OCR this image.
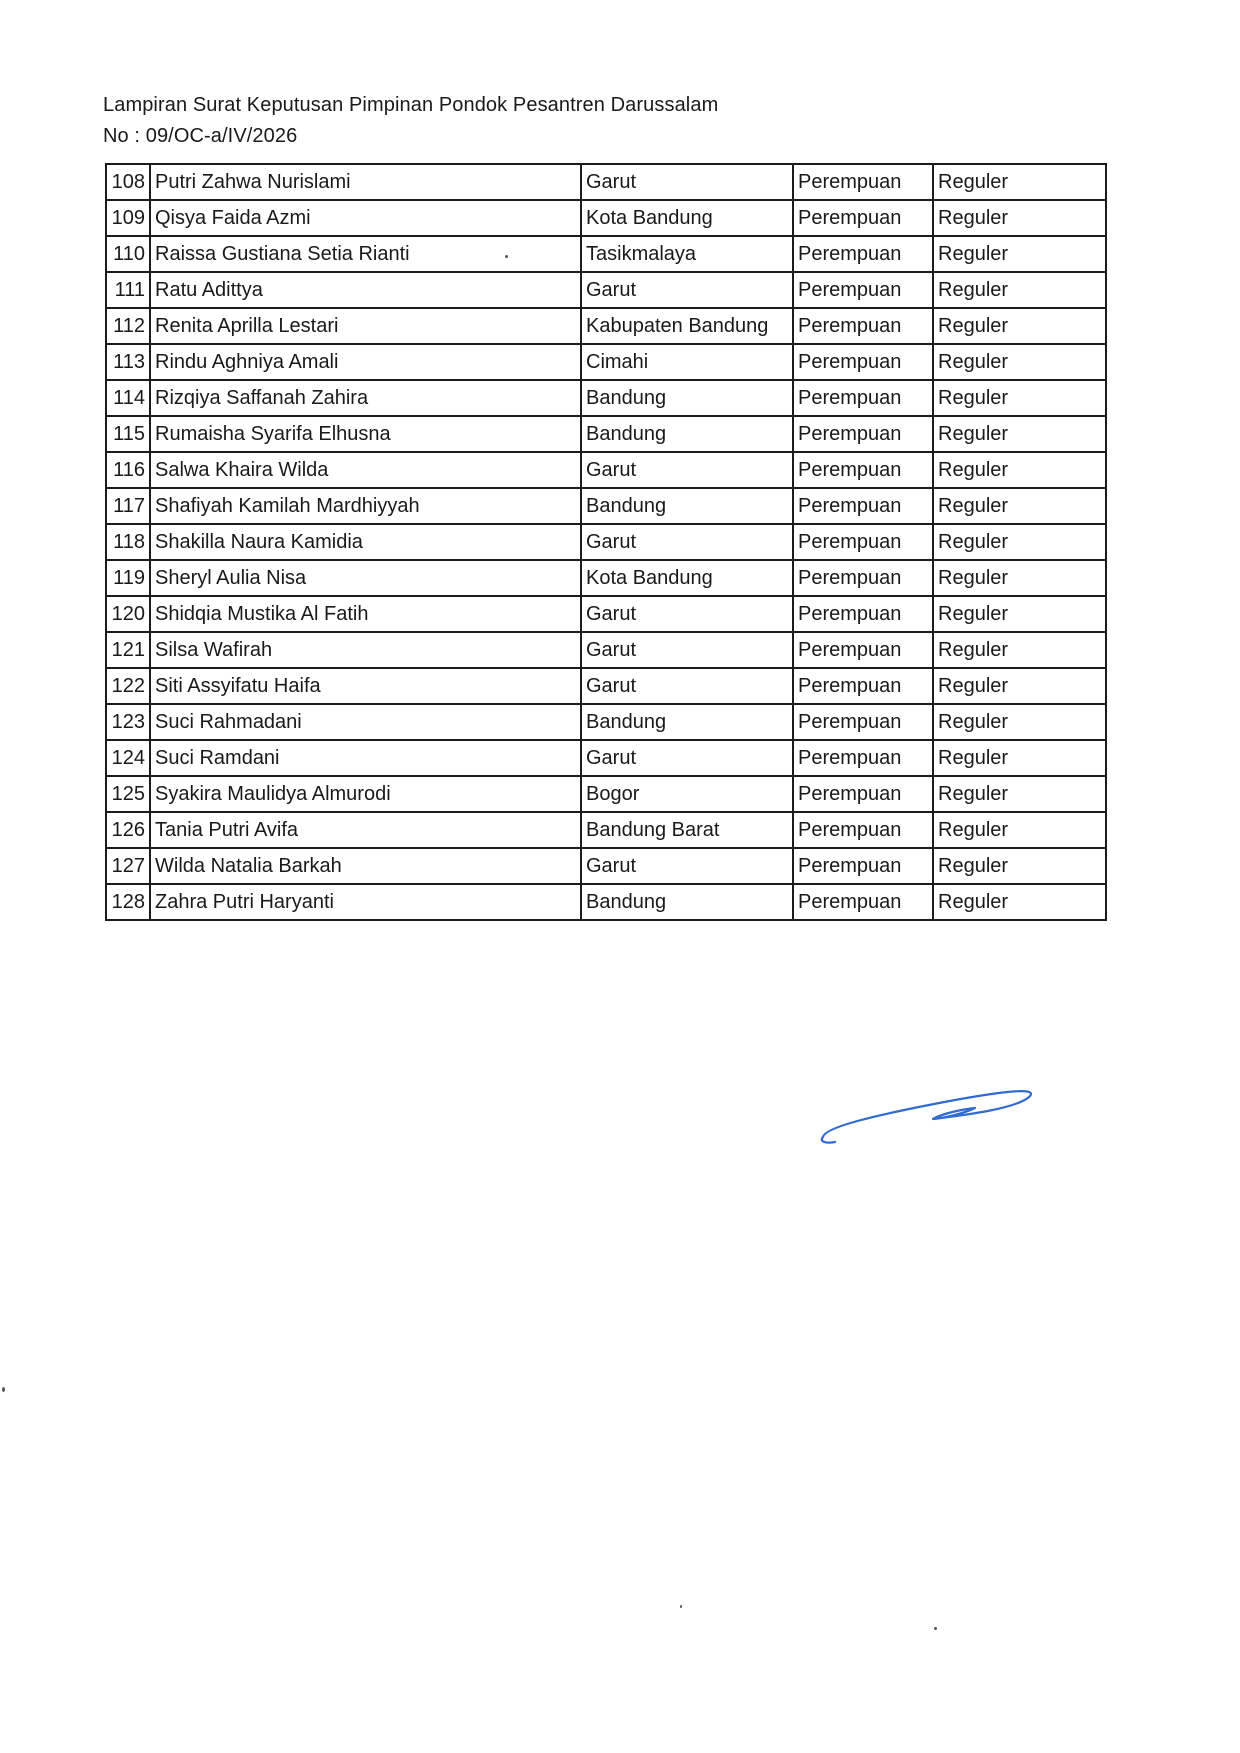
Lampiran Surat Keputusan Pimpinan Pondok Pesantren Darussalam
No : 09/OC-a/IV/2026
108	Putri Zahwa Nurislami	Garut	Perempuan	Reguler
109	Qisya Faida Azmi	Kota Bandung	Perempuan	Reguler
110	Raissa Gustiana Setia Rianti	Tasikmalaya	Perempuan	Reguler
111	Ratu Adittya	Garut	Perempuan	Reguler
112	Renita Aprilla Lestari	Kabupaten Bandung	Perempuan	Reguler
113	Rindu Aghniya Amali	Cimahi	Perempuan	Reguler
114	Rizqiya Saffanah Zahira	Bandung	Perempuan	Reguler
115	Rumaisha Syarifa Elhusna	Bandung	Perempuan	Reguler
116	Salwa Khaira Wilda	Garut	Perempuan	Reguler
117	Shafiyah Kamilah Mardhiyyah	Bandung	Perempuan	Reguler
118	Shakilla Naura Kamidia	Garut	Perempuan	Reguler
119	Sheryl Aulia Nisa	Kota Bandung	Perempuan	Reguler
120	Shidqia Mustika Al Fatih	Garut	Perempuan	Reguler
121	Silsa Wafirah	Garut	Perempuan	Reguler
122	Siti Assyifatu Haifa	Garut	Perempuan	Reguler
123	Suci Rahmadani	Bandung	Perempuan	Reguler
124	Suci Ramdani	Garut	Perempuan	Reguler
125	Syakira Maulidya Almurodi	Bogor	Perempuan	Reguler
126	Tania Putri Avifa	Bandung Barat	Perempuan	Reguler
127	Wilda Natalia Barkah	Garut	Perempuan	Reguler
128	Zahra Putri Haryanti	Bandung	Perempuan	Reguler
